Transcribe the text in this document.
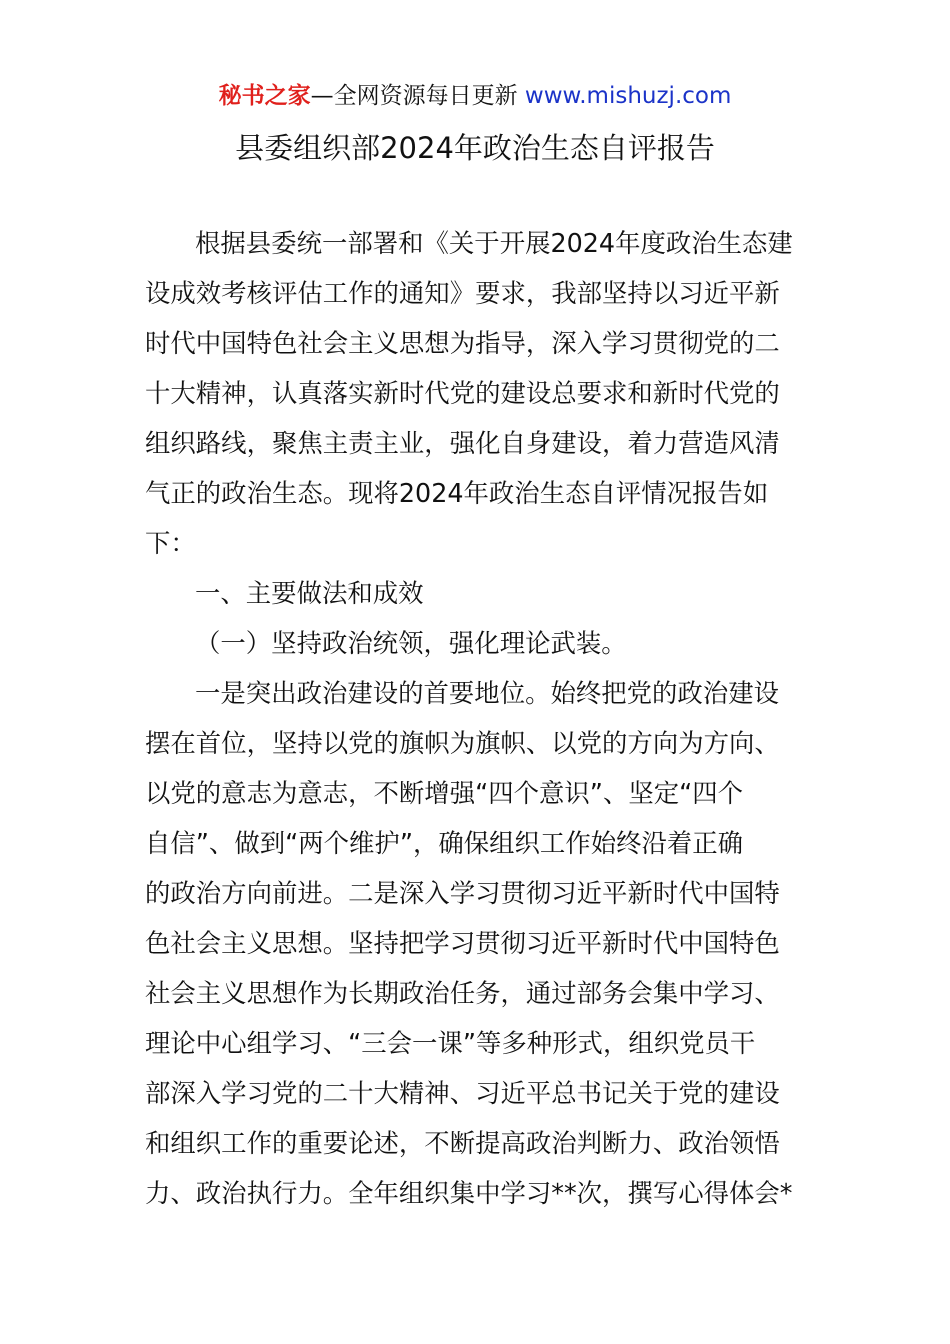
秘书之家—全网资源每日更新 www.mishuzj.com
县委组织部2024年政治生态自评报告
根据县委统一部署和《关于开展2024年度政治生态建
设成效考核评估工作的通知》要求，我部坚持以习近平新
时代中国特色社会主义思想为指导，深入学习贯彻党的二
十大精神，认真落实新时代党的建设总要求和新时代党的
组织路线，聚焦主责主业，强化自身建设，着力营造风清
气正的政治生态。现将2024年政治生态自评情况报告如
下：
一、主要做法和成效
（一）坚持政治统领，强化理论武装。
一是突出政治建设的首要地位。始终把党的政治建设
摆在首位，坚持以党的旗帜为旗帜、以党的方向为方向、
以党的意志为意志，不断增强“四个意识”、坚定“四个
自信”、做到“两个维护”，确保组织工作始终沿着正确
的政治方向前进。二是深入学习贯彻习近平新时代中国特
色社会主义思想。坚持把学习贯彻习近平新时代中国特色
社会主义思想作为长期政治任务，通过部务会集中学习、
理论中心组学习、“三会一课”等多种形式，组织党员干
部深入学习党的二十大精神、习近平总书记关于党的建设
和组织工作的重要论述，不断提高政治判断力、政治领悟
力、政治执行力。全年组织集中学习**次，撰写心得体会*
